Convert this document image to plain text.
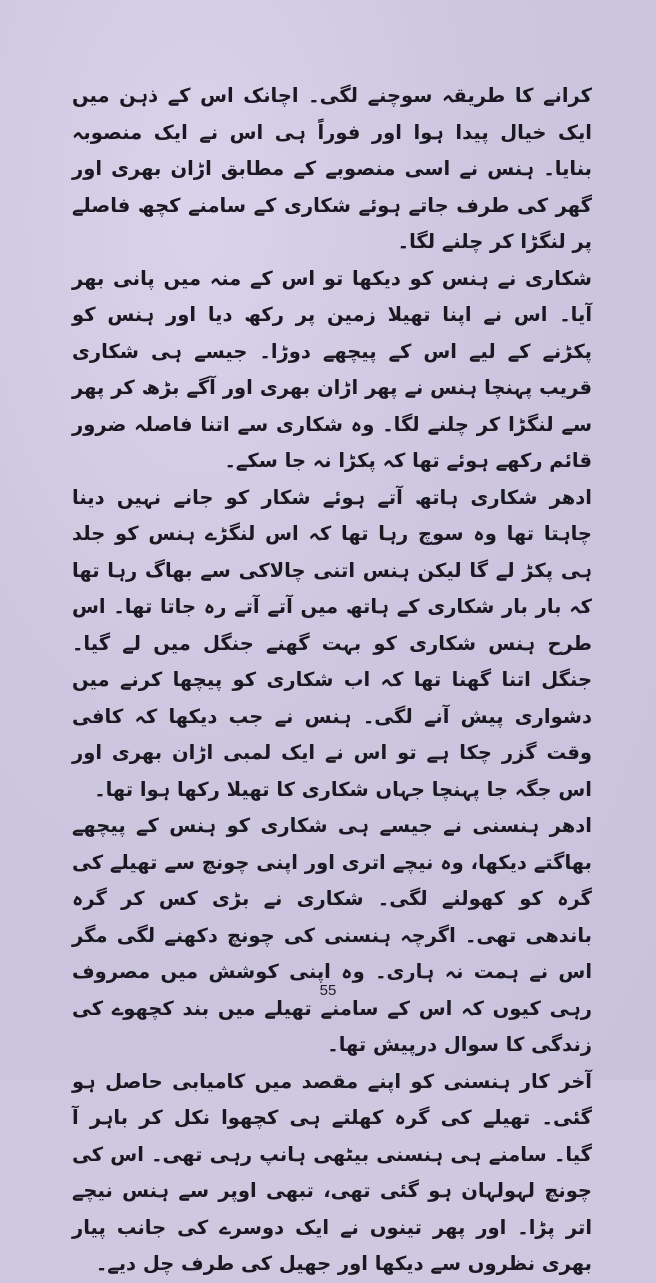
کرانے کا طریقہ سوچنے لگی۔ اچانک اس کے ذہن میں ایک خیال پیدا ہوا اور فوراً ہی اس نے ایک منصوبہ بنایا۔ ہنس نے اسی منصوبے کے مطابق اڑان بھری اور گھر کی طرف جاتے ہوئے شکاری کے سامنے کچھ فاصلے پر لنگڑا کر چلنے لگا۔

شکاری نے ہنس کو دیکھا تو اس کے منہ میں پانی بھر آیا۔ اس نے اپنا تھیلا زمین پر رکھ دیا اور ہنس کو پکڑنے کے لیے اس کے پیچھے دوڑا۔ جیسے ہی شکاری قریب پہنچا ہنس نے پھر اڑان بھری اور آگے بڑھ کر پھر سے لنگڑا کر چلنے لگا۔ وہ شکاری سے اتنا فاصلہ ضرور قائم رکھے ہوئے تھا کہ پکڑا نہ جا سکے۔

ادھر شکاری ہاتھ آتے ہوئے شکار کو جانے نہیں دینا چاہتا تھا وہ سوچ رہا تھا کہ اس لنگڑے ہنس کو جلد ہی پکڑ لے گا لیکن ہنس اتنی چالاکی سے بھاگ رہا تھا کہ بار بار شکاری کے ہاتھ میں آتے آتے رہ جاتا تھا۔ اس طرح ہنس شکاری کو بہت گھنے جنگل میں لے گیا۔ جنگل اتنا گھنا تھا کہ اب شکاری کو پیچھا کرنے میں دشواری پیش آنے لگی۔ ہنس نے جب دیکھا کہ کافی وقت گزر چکا ہے تو اس نے ایک لمبی اڑان بھری اور اس جگہ جا پہنچا جہاں شکاری کا تھیلا رکھا ہوا تھا۔

ادھر ہنسنی نے جیسے ہی شکاری کو ہنس کے پیچھے بھاگتے دیکھا، وہ نیچے اتری اور اپنی چونچ سے تھیلے کی گرہ کو کھولنے لگی۔ شکاری نے بڑی کس کر گرہ باندھی تھی۔ اگرچہ ہنسنی کی چونچ دکھنے لگی مگر اس نے ہمت نہ ہاری۔ وہ اپنی کوشش میں مصروف رہی کیوں کہ اس کے سامنے تھیلے میں بند کچھوے کی زندگی کا سوال درپیش تھا۔

آخر کار ہنسنی کو اپنے مقصد میں کامیابی حاصل ہو گئی۔ تھیلے کی گرہ کھلتے ہی کچھوا نکل کر باہر آ گیا۔ سامنے ہی ہنسنی بیٹھی ہانپ رہی تھی۔ اس کی چونچ لہولہان ہو گئی تھی، تبھی اوپر سے ہنس نیچے اتر پڑا۔ اور پھر تینوں نے ایک دوسرے کی جانب پیار بھری نظروں سے دیکھا اور جھیل کی طرف چل دیے۔

55
